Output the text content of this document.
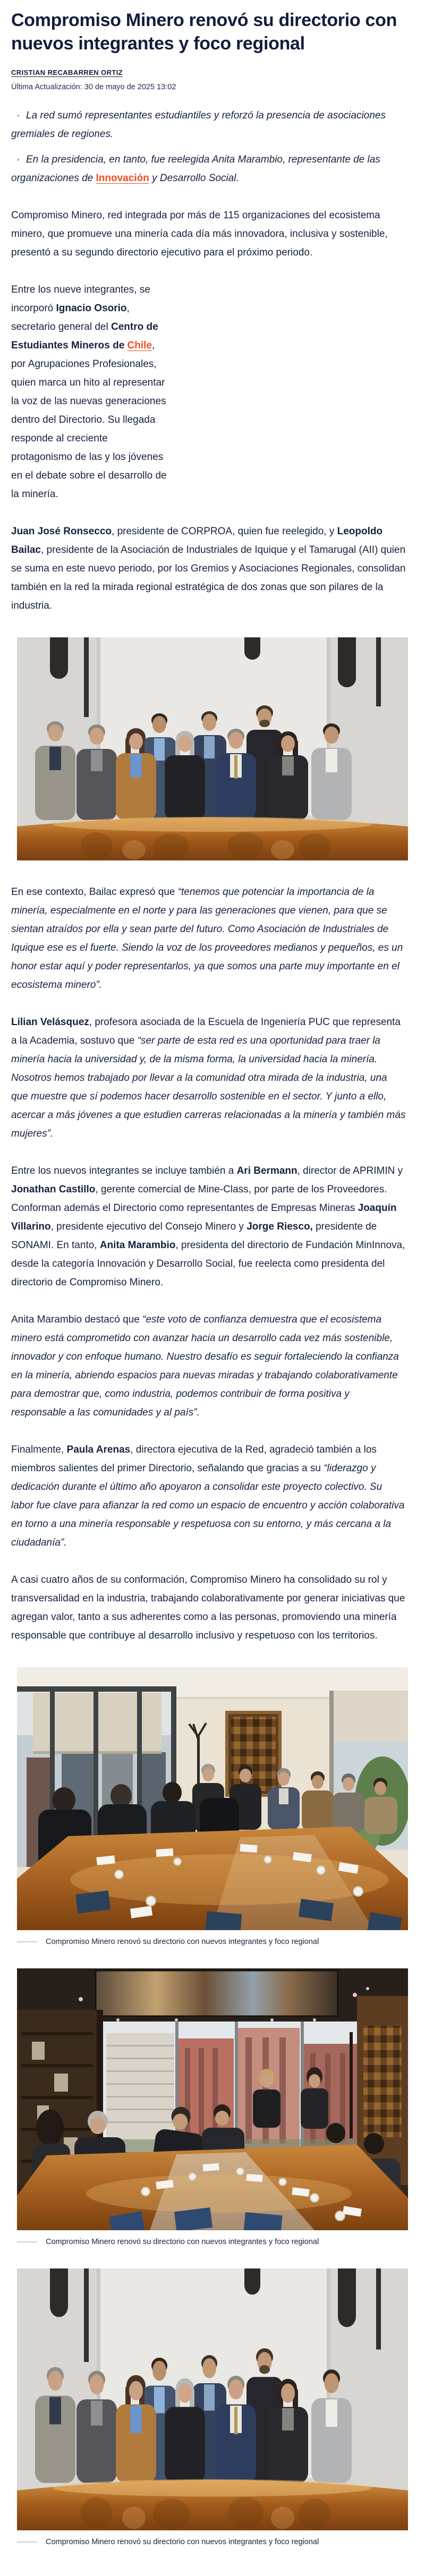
Compromiso Minero renovó su directorio con nuevos integrantes y foco regional
CRISTIAN RECABARREN ORTIZ
Última Actualización: 30 de mayo de 2025 13:02
◦ La red sumó representantes estudiantiles y reforzó la presencia de asociaciones gremiales de regiones.
◦ En la presidencia, en tanto, fue reelegida Anita Marambio, representante de las organizaciones de Innovación y Desarrollo Social.

Compromiso Minero, red integrada por más de 115 organizaciones del ecosistema minero, que promueve una minería cada día más innovadora, inclusiva y sostenible, presentó a su segundo directorio ejecutivo para el próximo periodo.

Entre los nueve integrantes, se incorporó Ignacio Osorio, secretario general del Centro de Estudiantes Mineros de Chile, por Agrupaciones Profesionales, quien marca un hito al representar la voz de las nuevas generaciones dentro del Directorio. Su llegada responde al creciente protagonismo de las y los jóvenes en el debate sobre el desarrollo de la minería.

Juan José Ronsecco, presidente de CORPROA, quien fue reelegido, y Leopoldo Bailac, presidente de la Asociación de Industriales de Iquique y el Tamarugal (AII) quien se suma en este nuevo periodo, por los Gremios y Asociaciones Regionales, consolidan también en la red la mirada regional estratégica de dos zonas que son pilares de la industria.

En ese contexto, Bailac expresó que “tenemos que potenciar la importancia de la minería, especialmente en el norte y para las generaciones que vienen, para que se sientan atraídos por ella y sean parte del futuro. Como Asociación de Industriales de Iquique ese es el fuerte. Siendo la voz de los proveedores medianos y pequeños, es un honor estar aquí y poder representarlos, ya que somos una parte muy importante en el ecosistema minero”.

Lilian Velásquez, profesora asociada de la Escuela de Ingeniería PUC que representa a la Academia, sostuvo que “ser parte de esta red es una oportunidad para traer la minería hacia la universidad y, de la misma forma, la universidad hacia la minería. Nosotros hemos trabajado por llevar a la comunidad otra mirada de la industria, una que muestre que sí podemos hacer desarrollo sostenible en el sector. Y junto a ello, acercar a más jóvenes a que estudien carreras relacionadas a la minería y también más mujeres”.

Entre los nuevos integrantes se incluye también a Ari Bermann, director de APRIMIN y Jonathan Castillo, gerente comercial de Mine-Class, por parte de los Proveedores. Conforman además el Directorio como representantes de Empresas Mineras Joaquín Villarino, presidente ejecutivo del Consejo Minero y Jorge Riesco, presidente de SONAMI. En tanto, Anita Marambio, presidenta del directorio de Fundación MinInnova, desde la categoría Innovación y Desarrollo Social, fue reelecta como presidenta del directorio de Compromiso Minero.

Anita Marambio destacó que “este voto de confianza demuestra que el ecosistema minero está comprometido con avanzar hacia un desarrollo cada vez más sostenible, innovador y con enfoque humano. Nuestro desafío es seguir fortaleciendo la confianza en la minería, abriendo espacios para nuevas miradas y trabajando colaborativamente para demostrar que, como industria, podemos contribuir de forma positiva y responsable a las comunidades y al país”.

Finalmente, Paula Arenas, directora ejecutiva de la Red, agradeció también a los miembros salientes del primer Directorio, señalando que gracias a su “liderazgo y dedicación durante el último año apoyaron a consolidar este proyecto colectivo. Su labor fue clave para afianzar la red como un espacio de encuentro y acción colaborativa en torno a una minería responsable y respetuosa con su entorno, y más cercana a la ciudadanía”.

A casi cuatro años de su conformación, Compromiso Minero ha consolidado su rol y transversalidad en la industria, trabajando colaborativamente por generar iniciativas que agregan valor, tanto a sus adherentes como a las personas, promoviendo una minería responsable que contribuye al desarrollo inclusivo y respetuoso con los territorios.

Compromiso Minero renovó su directorio con nuevos integrantes y foco regional
Compromiso Minero renovó su directorio con nuevos integrantes y foco regional
Compromiso Minero renovó su directorio con nuevos integrantes y foco regional
